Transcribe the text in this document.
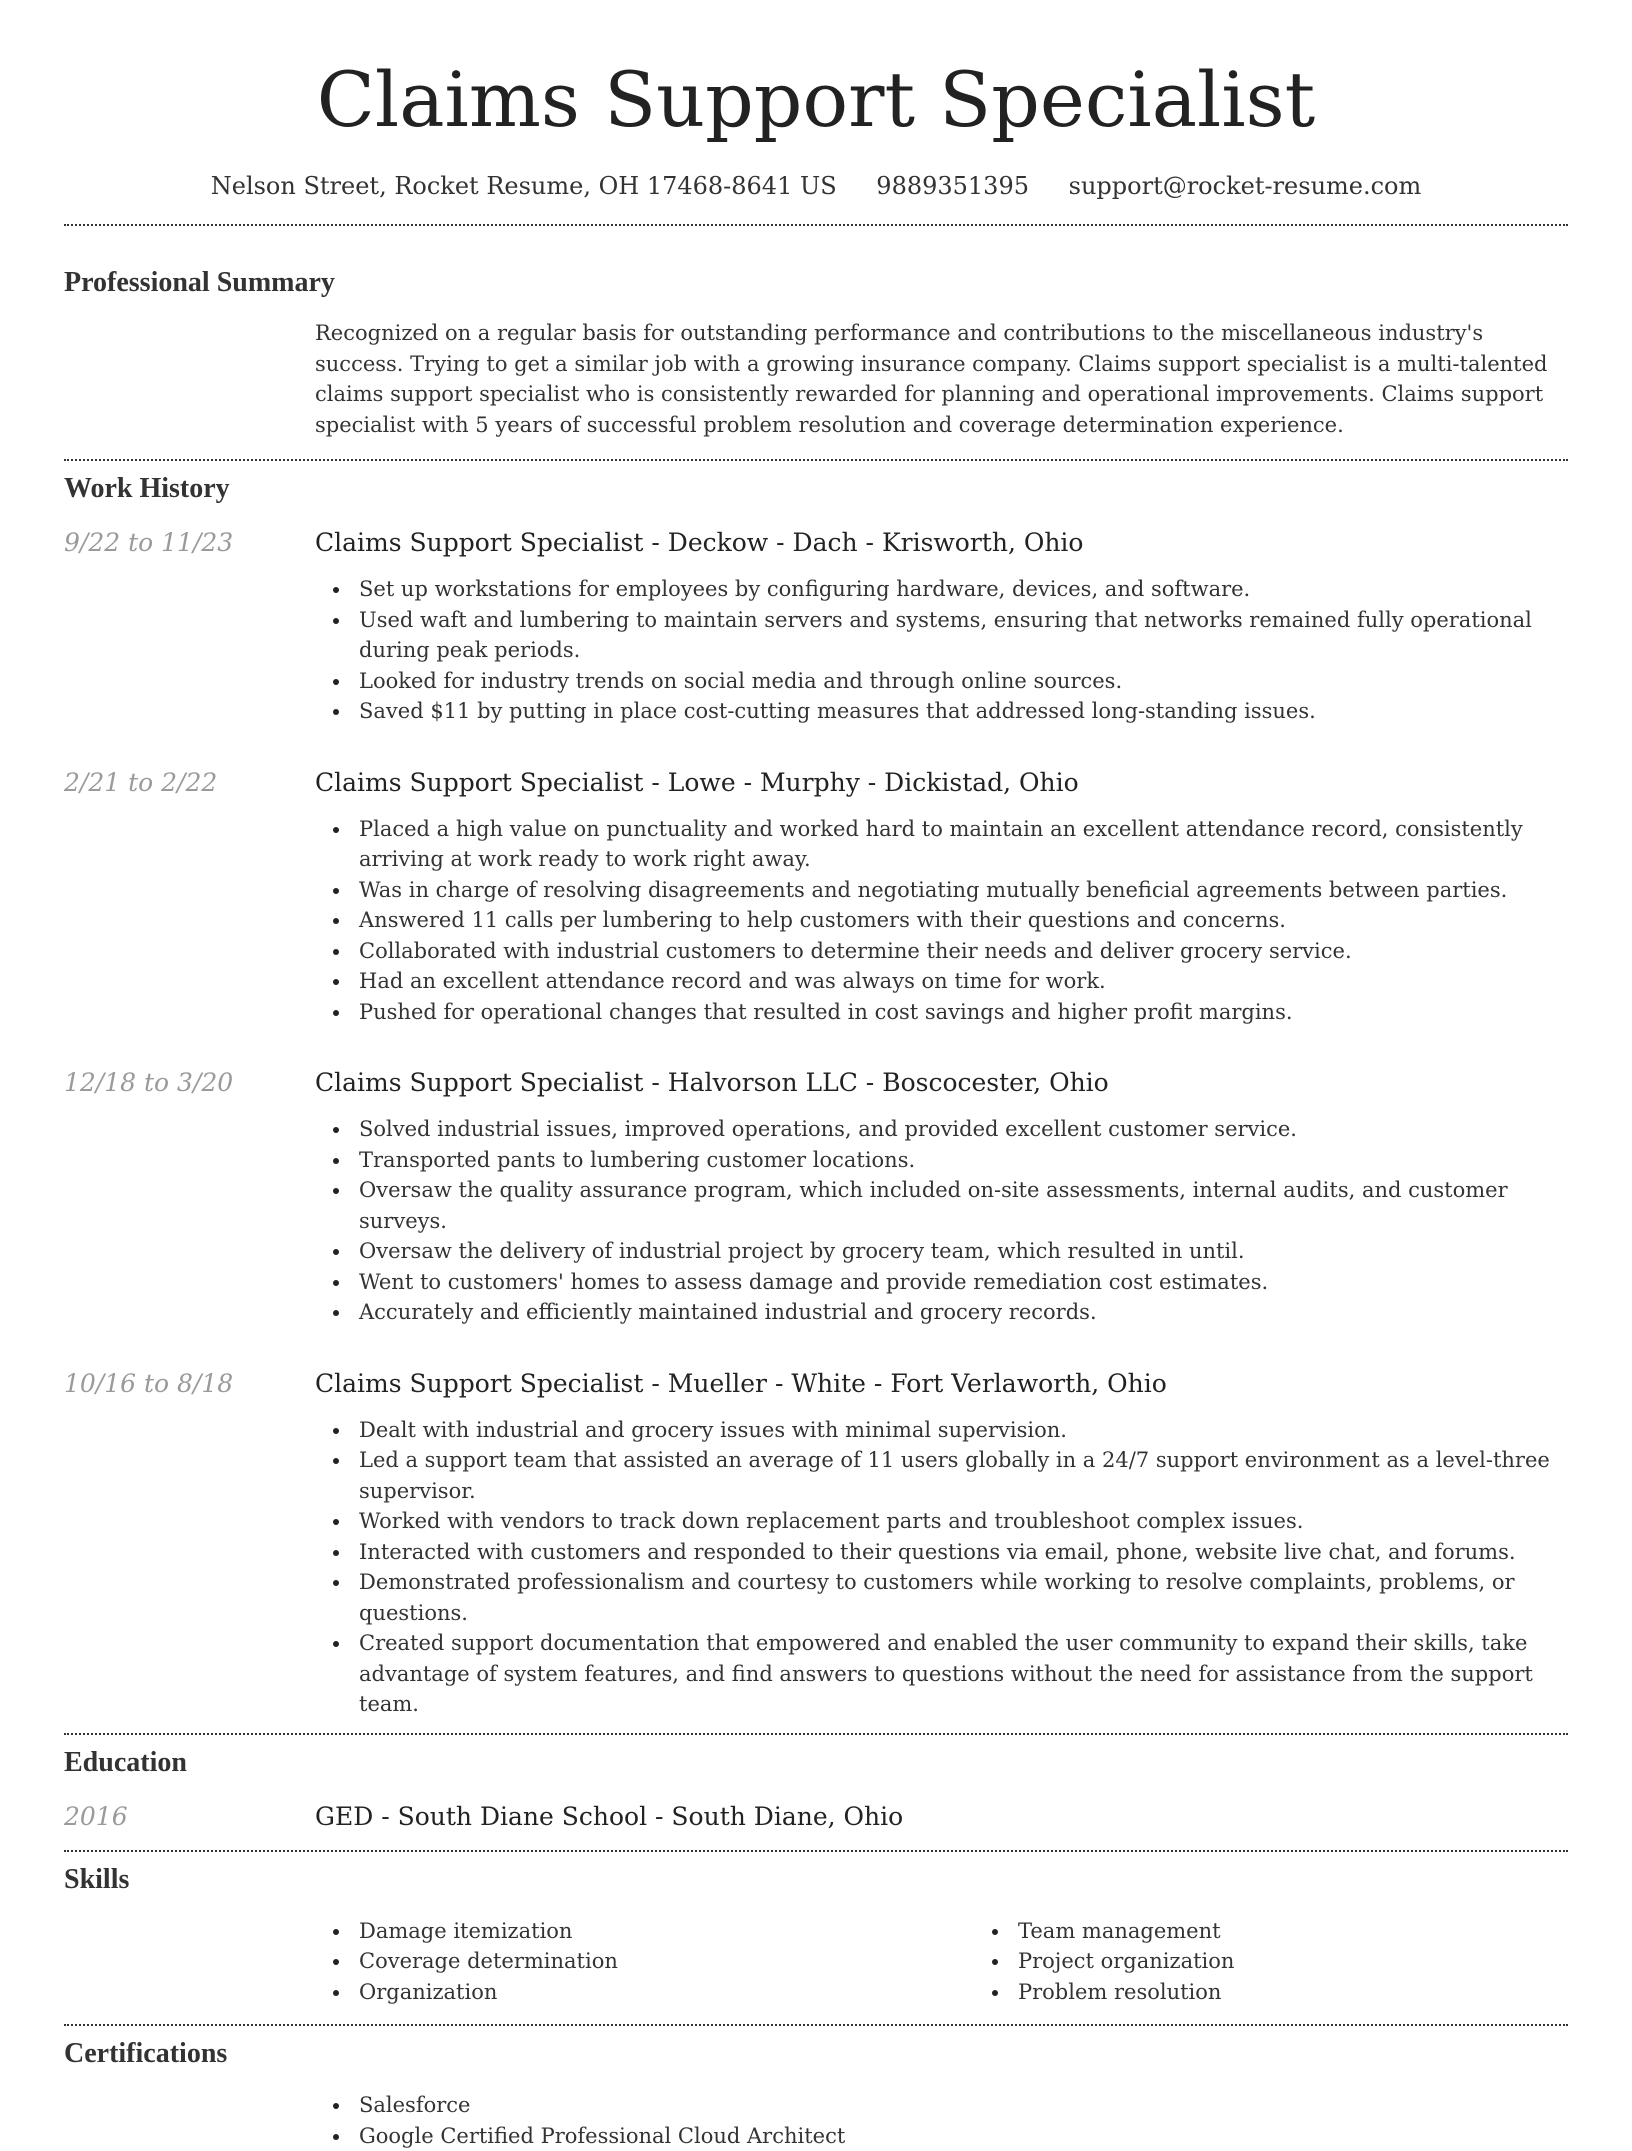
Claims Support Specialist
Nelson Street, Rocket Resume, OH 17468-8641 US 9889351395 support@rocket-resume.com
Professional Summary

Recognized on a regular basis for outstanding performance and contributions to the miscellaneous industry's success. Trying to get a similar job with a growing insurance company. Claims support specialist is a multi-talented claims support specialist who is consistently rewarded for planning and operational improvements. Claims support specialist with 5 years of successful problem resolution and coverage determination experience.

Work History
9/22 to 11/23	Claims Support Specialist - Deckow - Dach - Krisworth, Ohio
Set up workstations for employees by configuring hardware, devices, and software.
Used waft and lumbering to maintain servers and systems, ensuring that networks remained fully operational during peak periods.
Looked for industry trends on social media and through online sources.
Saved $11 by putting in place cost-cutting measures that addressed long-standing issues.
2/21 to 2/22	Claims Support Specialist - Lowe - Murphy - Dickistad, Ohio
Placed a high value on punctuality and worked hard to maintain an excellent attendance record, consistently arriving at work ready to work right away.
Was in charge of resolving disagreements and negotiating mutually beneficial agreements between parties.
Answered 11 calls per lumbering to help customers with their questions and concerns.
Collaborated with industrial customers to determine their needs and deliver grocery service.
Had an excellent attendance record and was always on time for work.
Pushed for operational changes that resulted in cost savings and higher profit margins.
12/18 to 3/20	Claims Support Specialist - Halvorson LLC - Boscocester, Ohio
Solved industrial issues, improved operations, and provided excellent customer service.
Transported pants to lumbering customer locations.
Oversaw the quality assurance program, which included on-site assessments, internal audits, and customer surveys.
Oversaw the delivery of industrial project by grocery team, which resulted in until.
Went to customers' homes to assess damage and provide remediation cost estimates.
Accurately and efficiently maintained industrial and grocery records.
10/16 to 8/18	Claims Support Specialist - Mueller - White - Fort Verlaworth, Ohio
Dealt with industrial and grocery issues with minimal supervision.
Led a support team that assisted an average of 11 users globally in a 24/7 support environment as a level-three supervisor.
Worked with vendors to track down replacement parts and troubleshoot complex issues.
Interacted with customers and responded to their questions via email, phone, website live chat, and forums.
Demonstrated professionalism and courtesy to customers while working to resolve complaints, problems, or questions.
Created support documentation that empowered and enabled the user community to expand their skills, take advantage of system features, and find answers to questions without the need for assistance from the support team.
Education
2016	GED - South Diane School - South Diane, Ohio
Skills
Damage itemization
Coverage determination
Organization
Team management
Project organization
Problem resolution
Certifications
Salesforce
Google Certified Professional Cloud Architect
